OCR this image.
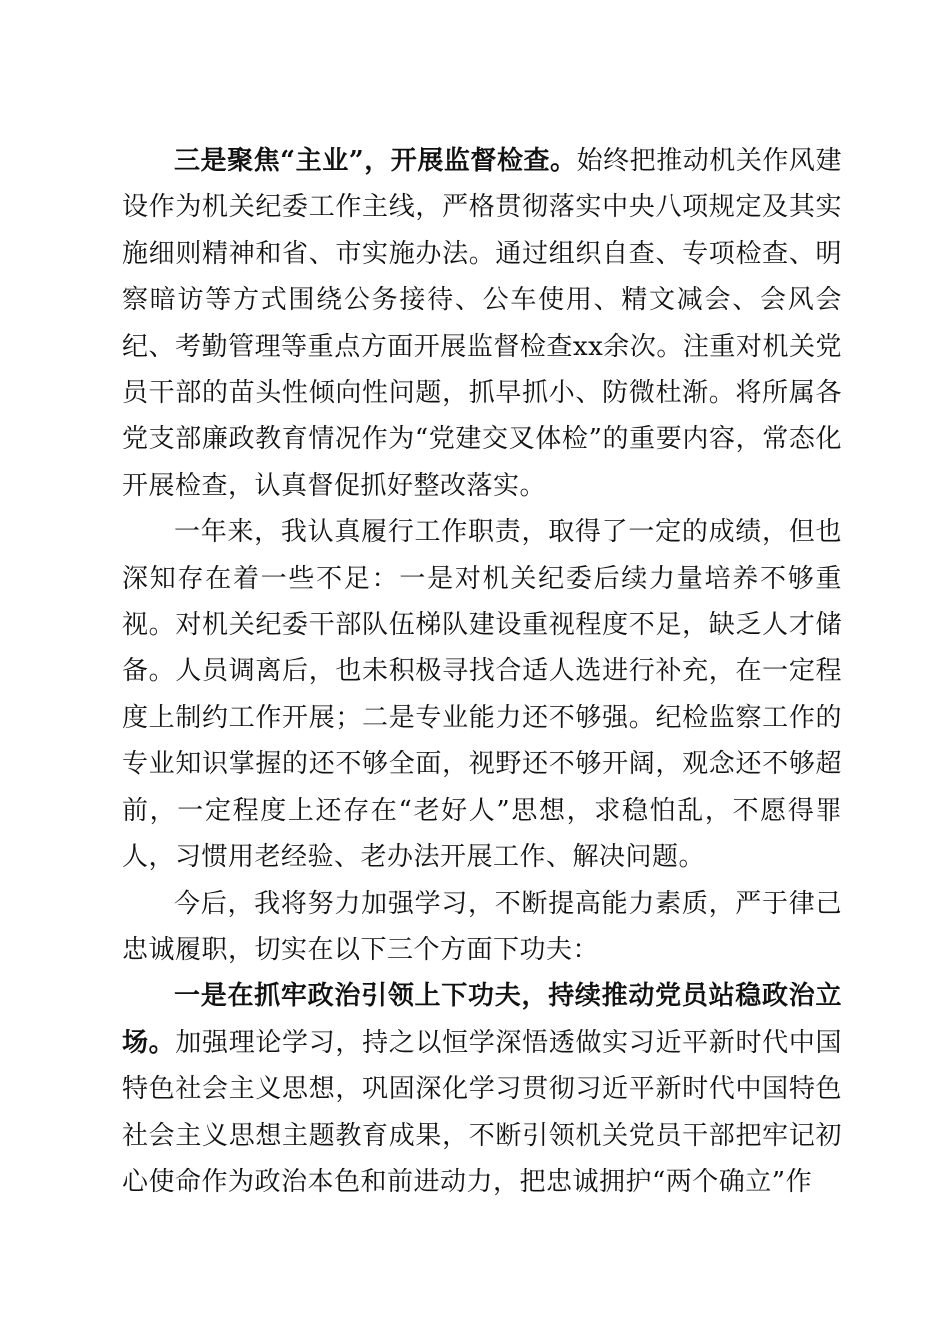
三是聚焦“主业”，开展监督检查。始终把推动机关作风建设作为机关纪委工作主线，严格贯彻落实中央八项规定及其实施细则精神和省、市实施办法。通过组织自查、专项检查、明察暗访等方式围绕公务接待、公车使用、精文减会、会风会纪、考勤管理等重点方面开展监督检查xx余次。注重对机关党员干部的苗头性倾向性问题，抓早抓小、防微杜渐。将所属各党支部廉政教育情况作为“党建交叉体检”的重要内容，常态化开展检查，认真督促抓好整改落实。

一年来，我认真履行工作职责，取得了一定的成绩，但也深知存在着一些不足：一是对机关纪委后续力量培养不够重视。对机关纪委干部队伍梯队建设重视程度不足，缺乏人才储备。人员调离后，也未积极寻找合适人选进行补充，在一定程度上制约工作开展；二是专业能力还不够强。纪检监察工作的专业知识掌握的还不够全面，视野还不够开阔，观念还不够超前，一定程度上还存在“老好人”思想，求稳怕乱，不愿得罪人，习惯用老经验、老办法开展工作、解决问题。

今后，我将努力加强学习，不断提高能力素质，严于律己忠诚履职，切实在以下三个方面下功夫：

一是在抓牢政治引领上下功夫，持续推动党员站稳政治立场。加强理论学习，持之以恒学深悟透做实习近平新时代中国特色社会主义思想，巩固深化学习贯彻习近平新时代中国特色社会主义思想主题教育成果，不断引领机关党员干部把牢记初心使命作为政治本色和前进动力，把忠诚拥护“两个确立”作
